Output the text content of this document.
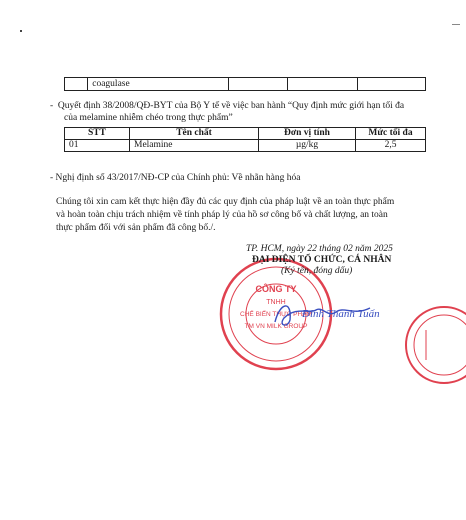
	coagulase			
- Quyết định 38/2008/QĐ-BYT của Bộ Y tế về việc ban hành “Quy định mức giới hạn tối đa
của melamine nhiễm chéo trong thực phẩm”
STT	Tên chất	Đơn vị tính	Mức tối đa
01	Melamine	µg/kg	2,5
- Nghị định số 43/2017/NĐ-CP của Chính phủ: Về nhãn hàng hóa
Chúng tôi xin cam kết thực hiện đầy đủ các quy định của pháp luật về an toàn thực phẩm
và hoàn toàn chịu trách nhiệm về tính pháp lý của hồ sơ công bố và chất lượng, an toàn
thực phẩm đối với sản phẩm đã công bố./.
CÔNG TY
TNHH
CHẾ BIẾN THỰC PHẨM
TM VN MILK GROUP
TP. HCM, ngày 22 tháng 02 năm 2025
ĐẠI DIỆN TỔ CHỨC, CÁ NHÂN
(Ký tên, đóng dấu)
Đinh Thanh Tuấn
